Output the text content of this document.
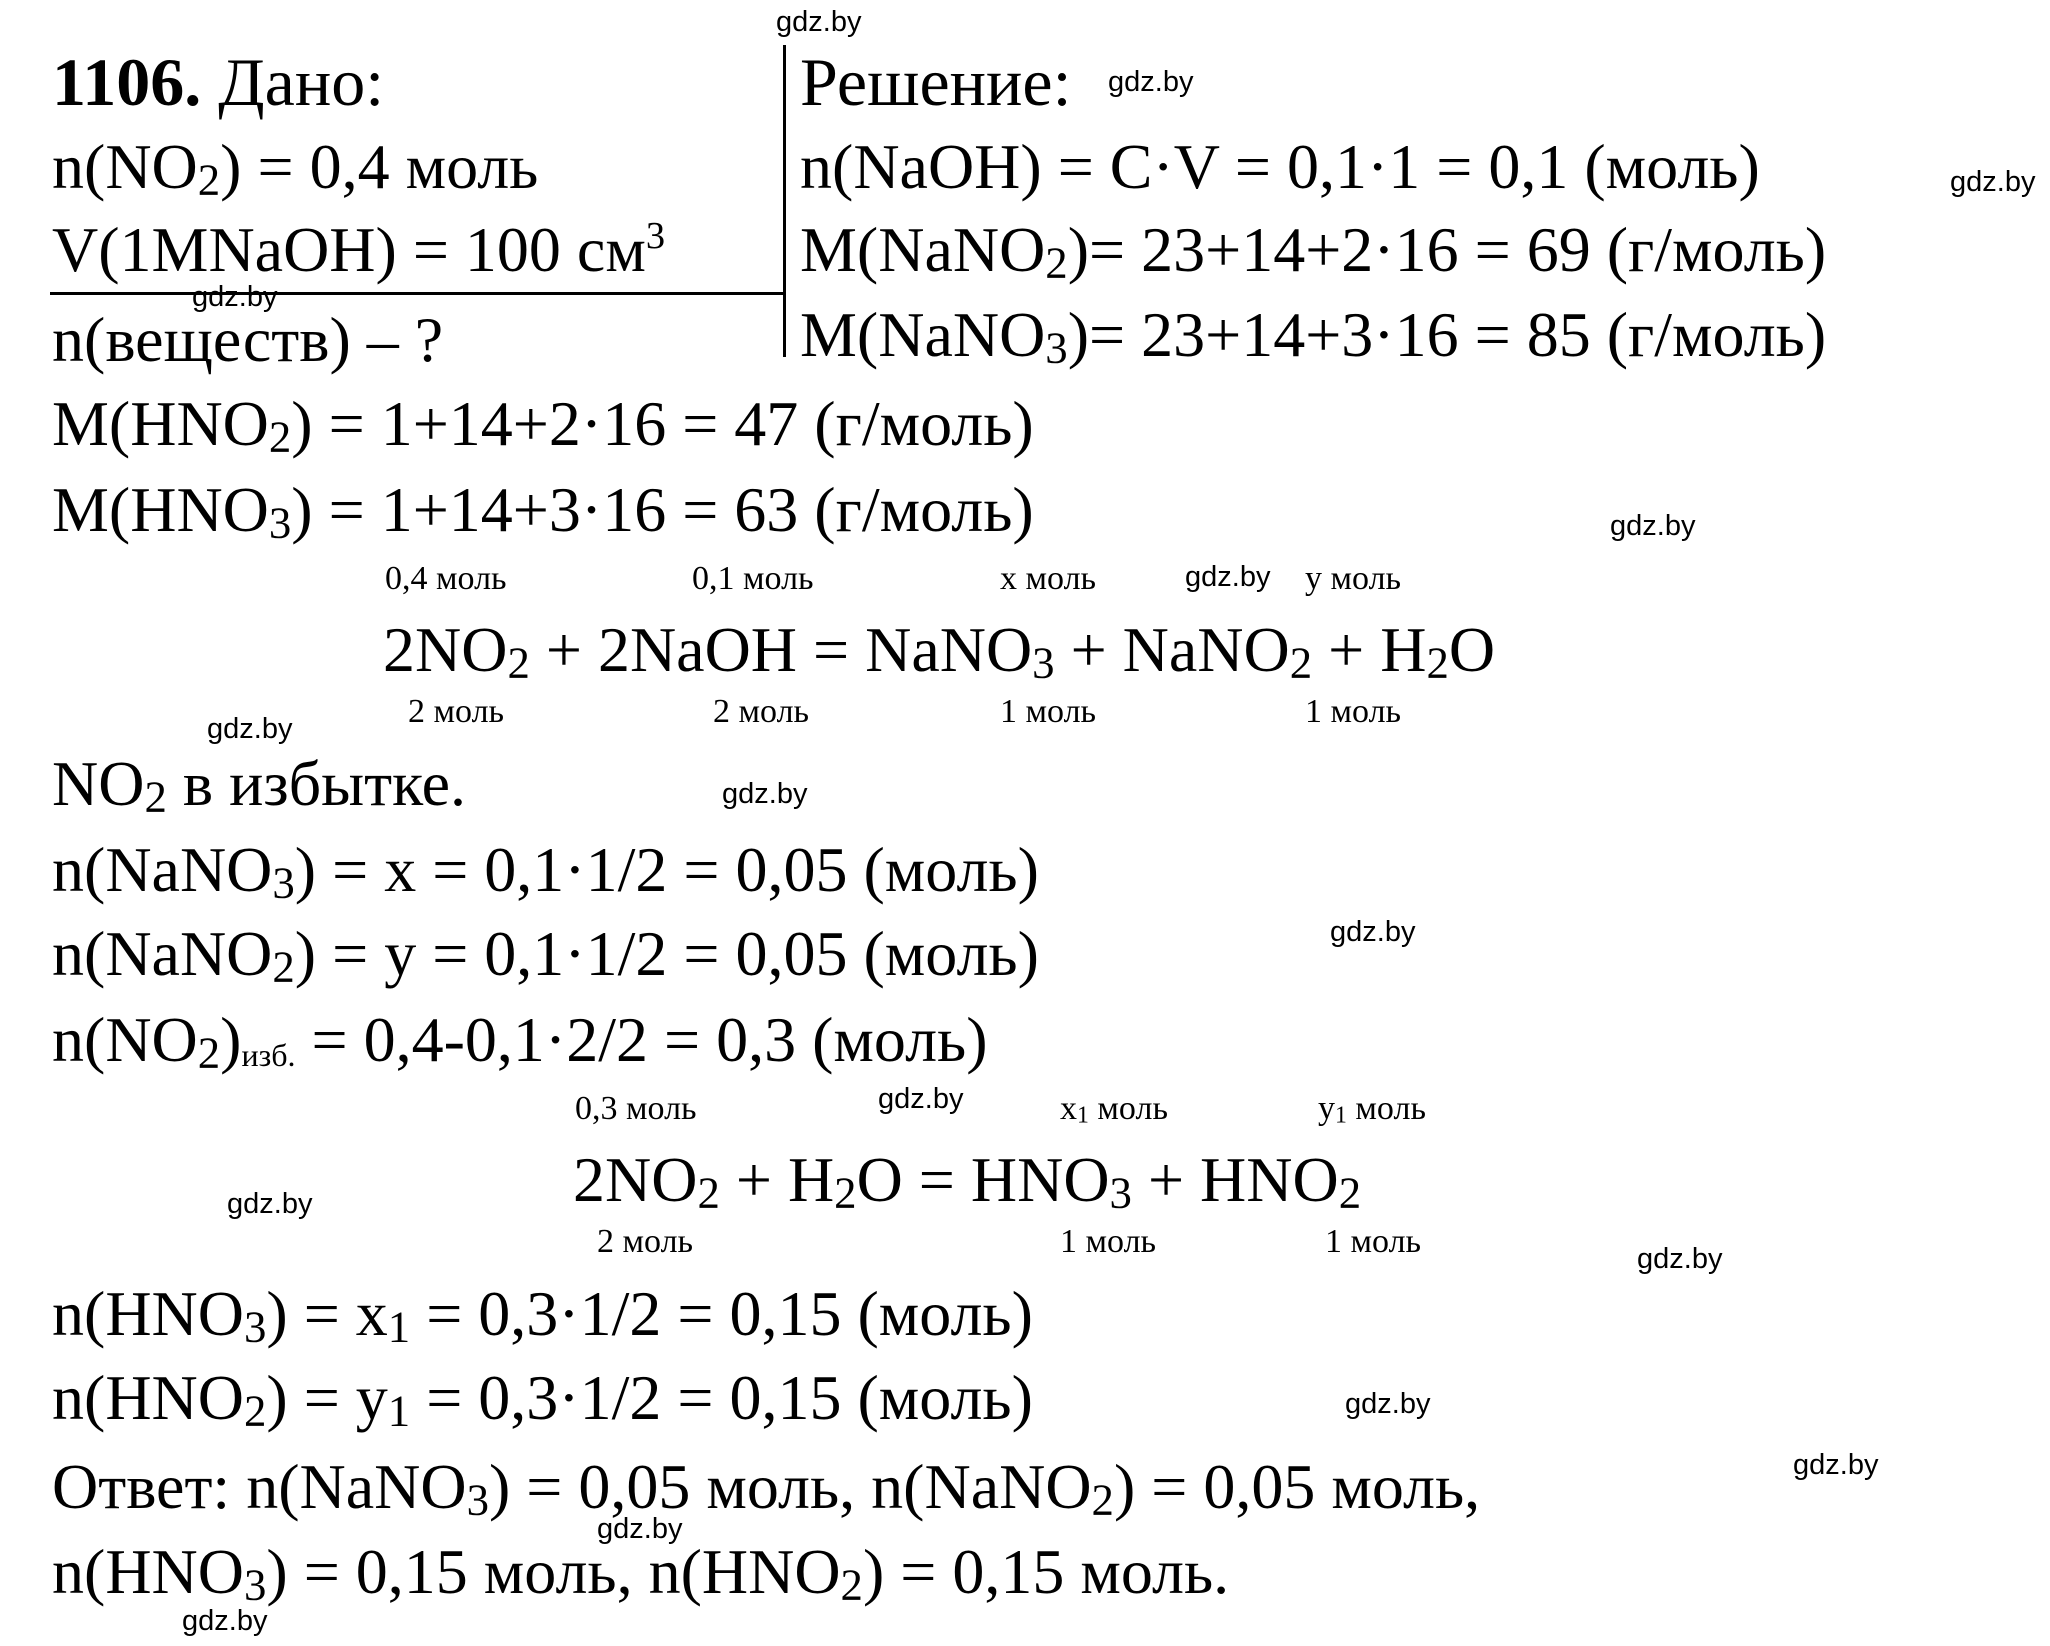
1106. Дано:	Решение:
$n(NO_2) = 0,4$ моль
V(1MNaOH) = 100 $см^3$
n(веществ) – ?
n(NaOH) = C·V = 0,1·1 = 0,1 (моль)
M(NaNO$_2$)= 23+14+2·16 = 69 (г/моль)
M(NaNO$_3$)= 23+14+3·16 = 85 (г/моль)
$M(HNO_2) = 1+14+2\cdot 16 = 47$ (г/моль)
$M(HNO_3) = 1+14+3\cdot 16 = 63$ (г/моль)
0,4 моль	0,1 моль	x моль	y моль
$2NO_2$ + 2NaOH = NaNO$_3$ + NaNO$_2$ + $H_2O$
2 моль	2 моль	1 моль	1 моль
$NO_2$ в избытке.
n(NaNO$_3$) = x = 0,1·1/2 = 0,05 (моль)
n(NaNO$_2$) = y = 0,1·1/2 = 0,05 (моль)
$n(NO_2)_{изб.} = 0,4-0,1\cdot 2/2 = 0,3$ (моль)
0,3 моль	$x_1$ моль	$y_1$ моль
$2NO_2 + H_2O = HNO_3 + HNO_2$
2 моль	1 моль	1 моль
$n(HNO_3) = x_1 = 0,3\cdot 1/2 = 0,15$ (моль)
$n(HNO_2) = y_1 = 0,3\cdot 1/2 = 0,15$ (моль)
Ответ: n(NaNO$_3$) = 0,05 моль, n(NaNO$_2$) = 0,05 моль,
$n(HNO_3) = 0,15$ моль, $n(HNO_2) = 0,15$ моль.
gdz.by
gdz.by
gdz.by
gdz.by
gdz.by
gdz.by
gdz.by
gdz.by
gdz.by
gdz.by
gdz.by
gdz.by
gdz.by
gdz.by
gdz.by
gdz.by
